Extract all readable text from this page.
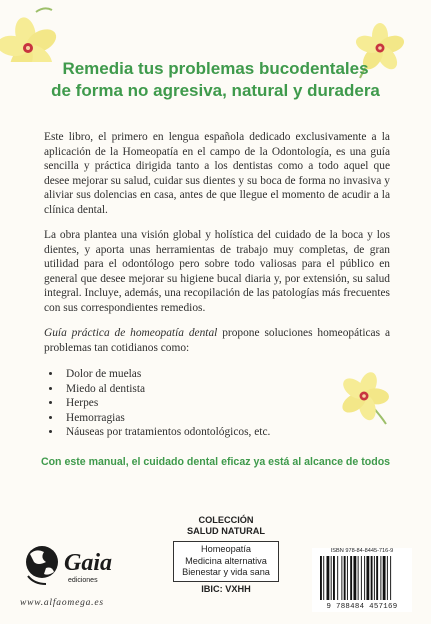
Remedia tus problemas bucodentales
de forma no agresiva, natural y duradera

Este libro, el primero en lengua española dedicado exclusivamente a la aplicación de la Homeopatía en el campo de la Odontología, es una guía sencilla y práctica dirigida tanto a los dentistas como a todo aquel que desee mejorar su salud, cuidar sus dientes y su boca de forma no invasiva y aliviar sus dolencias en casa, antes de que llegue el momento de acudir a la clínica dental.

La obra plantea una visión global y holística del cuidado de la boca y los dientes, y aporta unas herramientas de trabajo muy completas, de gran utilidad para el odontólogo pero sobre todo valiosas para el público en general que desee mejorar su higiene bucal diaria y, por extensión, su salud integral. Incluye, además, una recopilación de las patologías más frecuentes con sus correspondientes remedios.

Guía práctica de homeopatía dental propone soluciones homeopáticas a problemas tan cotidianos como:

• Dolor de muelas
• Miedo al dentista
• Herpes
• Hemorragias
• Náuseas por tratamientos odontológicos, etc.

Con este manual, el cuidado dental eficaz ya está al alcance de todos

Gaia
ediciones

www.alfaomega.es

COLECCIÓN
SALUD NATURAL
Homeopatía
Medicina alternativa
Bienestar y vida sana
IBIC: VXHH
ISBN 978-84-8445-716-9
9 788484 457169
